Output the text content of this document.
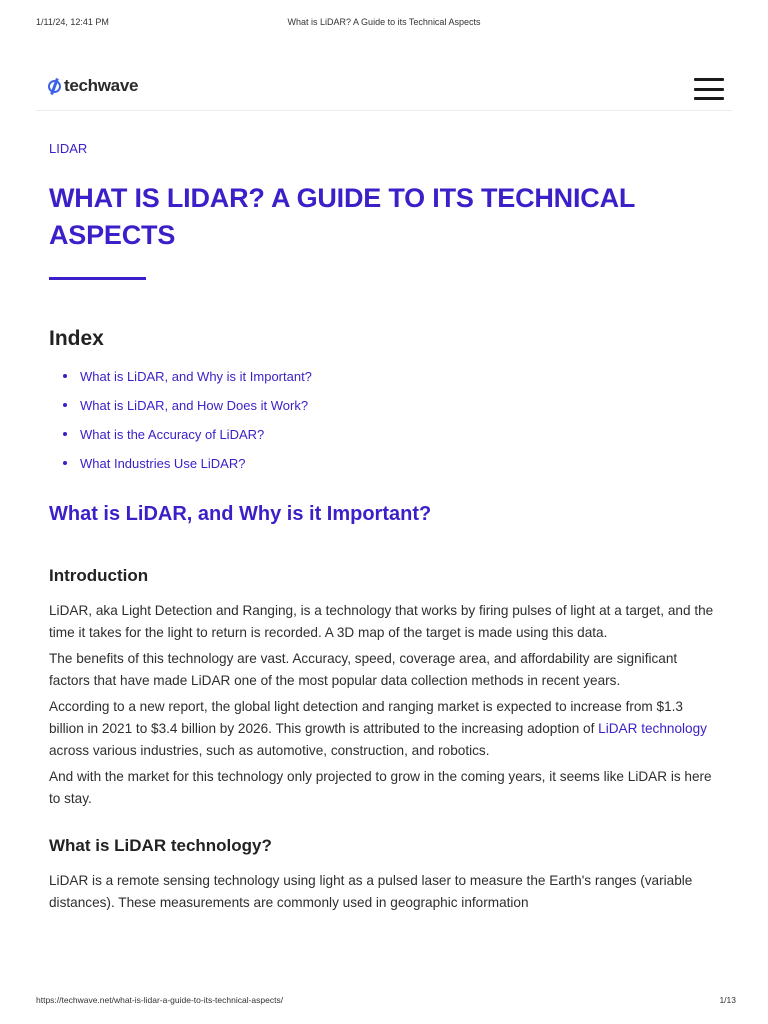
1/11/24, 12:41 PM	What is LiDAR? A Guide to its Technical Aspects
techwave
LIDAR
WHAT IS LIDAR? A GUIDE TO ITS TECHNICAL ASPECTS
Index
What is LiDAR, and Why is it Important?
What is LiDAR, and How Does it Work?
What is the Accuracy of LiDAR?
What Industries Use LiDAR?
What is LiDAR, and Why is it Important?
Introduction

LiDAR, aka Light Detection and Ranging, is a technology that works by firing pulses of light at a target, and the time it takes for the light to return is recorded. A 3D map of the target is made using this data.

The benefits of this technology are vast. Accuracy, speed, coverage area, and affordability are significant factors that have made LiDAR one of the most popular data collection methods in recent years.

According to a new report, the global light detection and ranging market is expected to increase from $1.3 billion in 2021 to $3.4 billion by 2026. This growth is attributed to the increasing adoption of LiDAR technology across various industries, such as automotive, construction, and robotics.

And with the market for this technology only projected to grow in the coming years, it seems like LiDAR is here to stay.

What is LiDAR technology?

LiDAR is a remote sensing technology using light as a pulsed laser to measure the Earth's ranges (variable distances). These measurements are commonly used in geographic information

https://techwave.net/what-is-lidar-a-guide-to-its-technical-aspects/	1/13
